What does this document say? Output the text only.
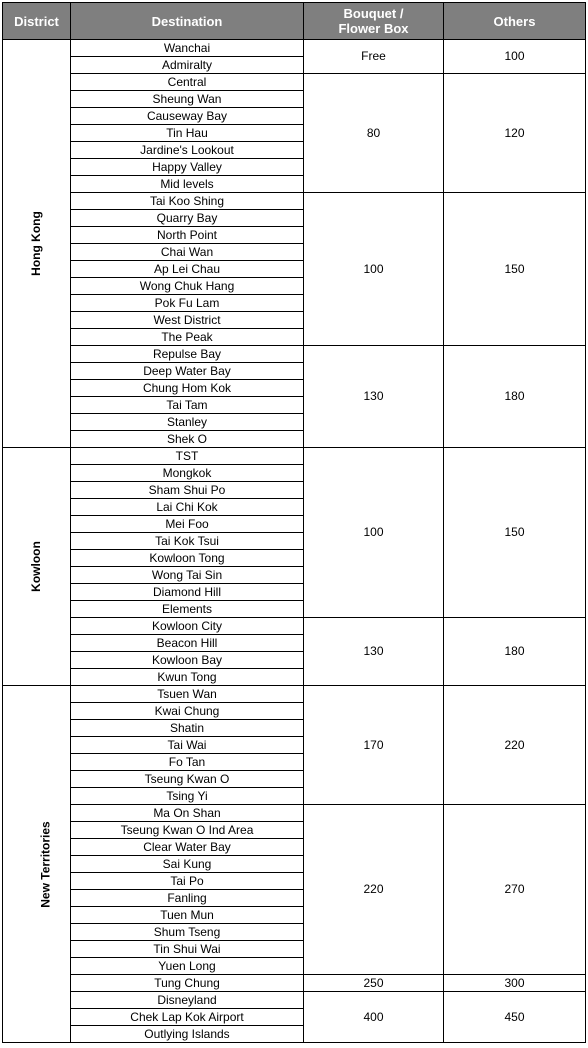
District	Destination	Bouquet / Flower Box	Others
Hong Kong	Wanchai	Free	100
	Admiralty		
	Central	80	120
	Sheung Wan		
	Causeway Bay		
	Tin Hau		
	Jardine's Lookout		
	Happy Valley		
	Mid levels		
	Tai Koo Shing	100	150
	Quarry Bay		
	North Point		
	Chai Wan		
	Ap Lei Chau		
	Wong Chuk Hang		
	Pok Fu Lam		
	West District		
	The Peak		
	Repulse Bay	130	180
	Deep Water Bay		
	Chung Hom Kok		
	Tai Tam		
	Stanley		
	Shek O		
Kowloon	TST	100	150
	Mongkok		
	Sham Shui Po		
	Lai Chi Kok		
	Mei Foo		
	Tai Kok Tsui		
	Kowloon Tong		
	Wong Tai Sin		
	Diamond Hill		
	Elements		
	Kowloon City	130	180
	Beacon Hill		
	Kowloon Bay		
	Kwun Tong		
New Territories	Tsuen Wan	170	220
	Kwai Chung		
	Shatin		
	Tai Wai		
	Fo Tan		
	Tseung Kwan O		
	Tsing Yi		
	Ma On Shan	220	270
	Tseung Kwan O Ind Area		
	Clear Water Bay		
	Sai Kung		
	Tai Po		
	Fanling		
	Tuen Mun		
	Shum Tseng		
	Tin Shui Wai		
	Yuen Long		
	Tung Chung	250	300
	Disneyland	400	450
	Chek Lap Kok Airport		
	Outlying Islands		
